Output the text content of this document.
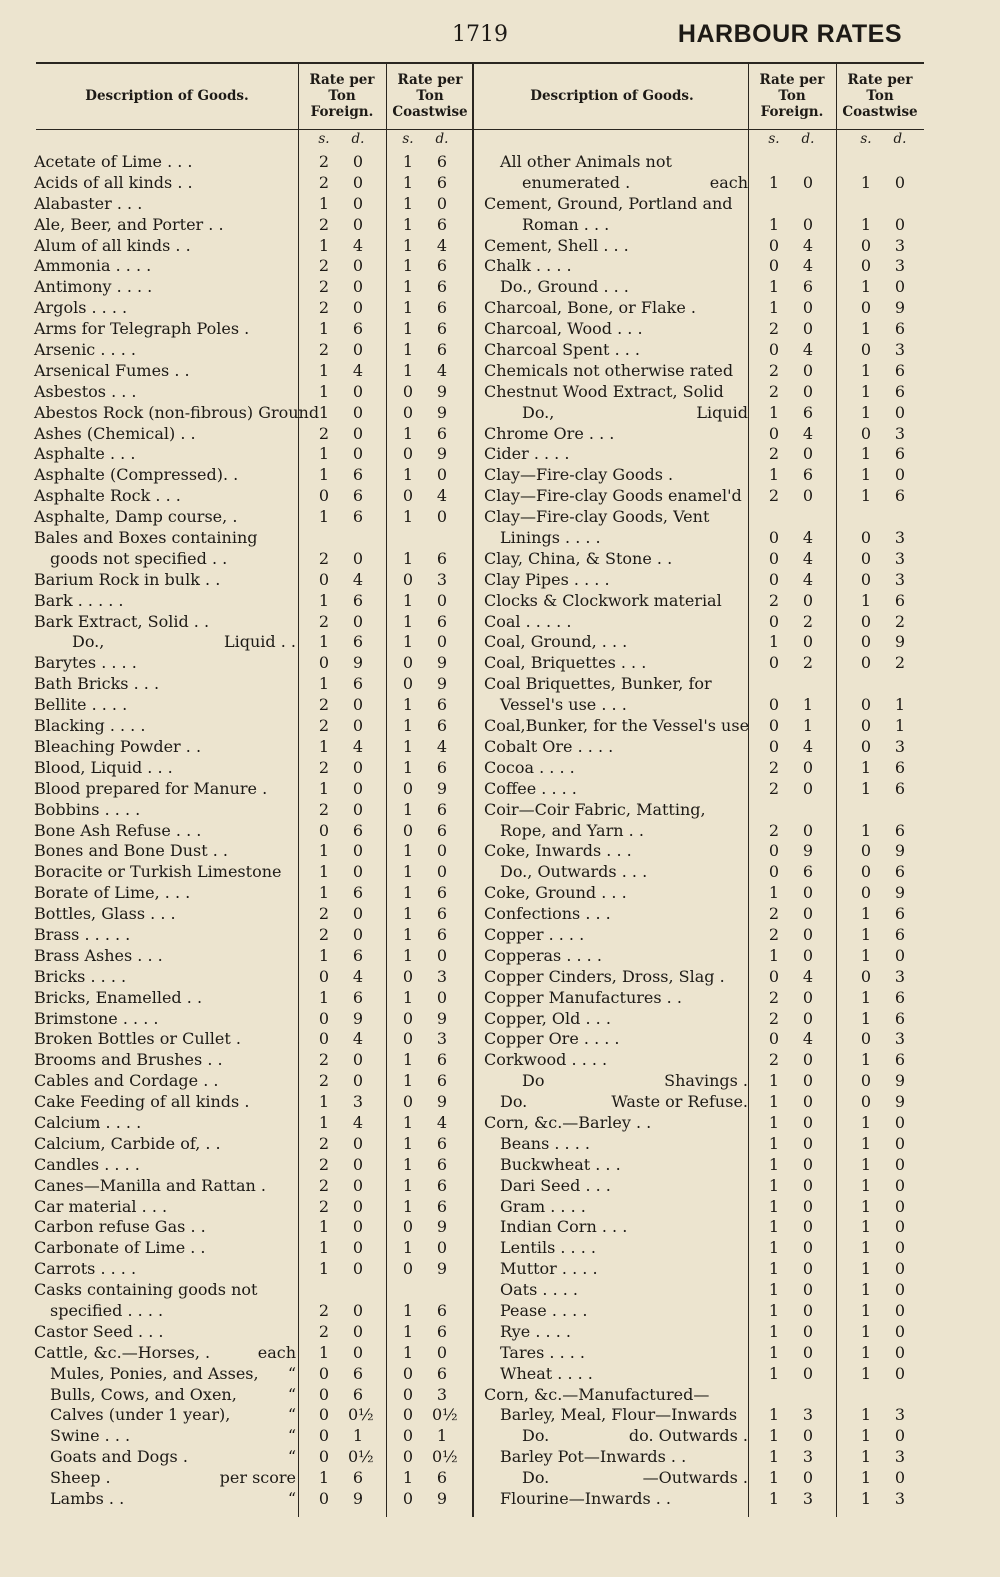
1719	HARBOUR RATES
Description of Goods.
Rate per Ton Foreign.
Rate per Ton Coastwise
Description of Goods.
Rate per Ton Foreign.
Rate per Ton Coastwise
s.	d.	s.	d.	s.	d.	s.	d.
Acetate of Lime . . .	2	0	1	6
Acids of all kinds . .	2	0	1	6
Alabaster . . .	1	0	1	0
Ale, Beer, and Porter . .	2	0	1	6
Alum of all kinds . .	1	4	1	4
Ammonia . . . .	2	0	1	6
Antimony . . . .	2	0	1	6
Argols . . . .	2	0	1	6
Arms for Telegraph Poles .	1	6	1	6
Arsenic . . . .	2	0	1	6
Arsenical Fumes . .	1	4	1	4
Asbestos . . .	1	0	0	9
Abestos Rock (non-fibrous) Ground 1	0	0	9
Ashes (Chemical) . .	2	0	1	6
Asphalte . . .	1	0	0	9
Asphalte (Compressed). .	1	6	1	0
Asphalte Rock . . .	0	6	0	4
Asphalte, Damp course, .	1	6	1	0
Bales and Boxes containing
goods not specified . .	2	0	1	6
Barium Rock in bulk . .	0	4	0	3
Bark . . . . .	1	6	1	0
Bark Extract, Solid . .	2	0	1	6
Do.,	Liquid . .	1	6	1	0
Barytes . . . .	0	9	0	9
Bath Bricks . . .	1	6	0	9
Bellite . . . .	2	0	1	6
Blacking . . . .	2	0	1	6
Bleaching Powder . .	1	4	1	4
Blood, Liquid . . .	2	0	1	6
Blood prepared for Manure .	1	0	0	9
Bobbins . . . .	2	0	1	6
Bone Ash Refuse . . .	0	6	0	6
Bones and Bone Dust . .	1	0	1	0
Boracite or Turkish Limestone	1	0	1	0
Borate of Lime, . . .	1	6	1	6
Bottles, Glass . . .	2	0	1	6
Brass . . . . .	2	0	1	6
Brass Ashes . . .	1	6	1	0
Bricks . . . .	0	4	0	3
Bricks, Enamelled . .	1	6	1	0
Brimstone . . . .	0	9	0	9
Broken Bottles or Cullet .	0	4	0	3
Brooms and Brushes . .	2	0	1	6
Cables and Cordage . .	2	0	1	6
Cake Feeding of all kinds .	1	3	0	9
Calcium . . . .	1	4	1	4
Calcium, Carbide of, . .	2	0	1	6
Candles . . . .	2	0	1	6
Canes—Manilla and Rattan .	2	0	1	6
Car material . . .	2	0	1	6
Carbon refuse Gas . .	1	0	0	9
Carbonate of Lime . .	1	0	1	0
Carrots . . . .	1	0	0	9
Casks containing goods not
specified . . . .	2	0	1	6
Castor Seed . . .	2	0	1	6
Cattle, &c.—Horses, .	each	1	0	1	0
Mules, Ponies, and Asses, “	0	6	0	6
Bulls, Cows, and Oxen,	“	0	6	0	3
Calves (under 1 year),	“	0	0½	0	0½
Swine . . .	“	0	1	0	1
Goats and Dogs .	“	0	0½	0	0½
Sheep .	per score	1	6	1	6
Lambs . .	“	0	9	0	9
All other Animals not
enumerated .	each	1	0	1	0
Cement, Ground, Portland and
Roman . . .	1	0	1	0
Cement, Shell . . .	0	4	0	3
Chalk . . . .	0	4	0	3
Do., Ground . . .	1	6	1	0
Charcoal, Bone, or Flake .	1	0	0	9
Charcoal, Wood . . .	2	0	1	6
Charcoal Spent . . .	0	4	0	3
Chemicals not otherwise rated	2	0	1	6
Chestnut Wood Extract, Solid	2	0	1	6
Do.,	Liquid	1	6	1	0
Chrome Ore . . .	0	4	0	3
Cider . . . .	2	0	1	6
Clay—Fire-clay Goods .	1	6	1	0
Clay—Fire-clay Goods enamel'd	2	0	1	6
Clay—Fire-clay Goods, Vent
Linings . . . .	0	4	0	3
Clay, China, & Stone . .	0	4	0	3
Clay Pipes . . . .	0	4	0	3
Clocks & Clockwork material	2	0	1	6
Coal . . . . .	0	2	0	2
Coal, Ground, . . .	1	0	0	9
Coal, Briquettes . . .	0	2	0	2
Coal Briquettes, Bunker, for
Vessel's use . . .	0	1	0	1
Coal,Bunker, for the Vessel's use	0	1	0	1
Cobalt Ore . . . .	0	4	0	3
Cocoa . . . .	2	0	1	6
Coffee . . . .	2	0	1	6
Coir—Coir Fabric, Matting,
Rope, and Yarn . .	2	0	1	6
Coke, Inwards . . .	0	9	0	9
Do., Outwards . . .	0	6	0	6
Coke, Ground . . .	1	0	0	9
Confections . . .	2	0	1	6
Copper . . . .	2	0	1	6
Copperas . . . .	1	0	1	0
Copper Cinders, Dross, Slag .	0	4	0	3
Copper Manufactures . .	2	0	1	6
Copper, Old . . .	2	0	1	6
Copper Ore . . . .	0	4	0	3
Corkwood . . . .	2	0	1	6
Do	Shavings .	1	0	0	9
Do.	Waste or Refuse.	1	0	0	9
Corn, &c.—Barley . .	1	0	1	0
Beans . . . .	1	0	1	0
Buckwheat . . .	1	0	1	0
Dari Seed . . .	1	0	1	0
Gram . . . .	1	0	1	0
Indian Corn . . .	1	0	1	0
Lentils . . . .	1	0	1	0
Muttor . . . .	1	0	1	0
Oats . . . .	1	0	1	0
Pease . . . .	1	0	1	0
Rye . . . .	1	0	1	0
Tares . . . .	1	0	1	0
Wheat . . . .	1	0	1	0
Corn, &c.—Manufactured—
Barley, Meal, Flour—Inwards	1	3	1	3
Do.	do. Outwards .	1	0	1	0
Barley Pot—Inwards . .	1	3	1	3
Do.	—Outwards .	1	0	1	0
Flourine—Inwards . .	1	3	1	3
